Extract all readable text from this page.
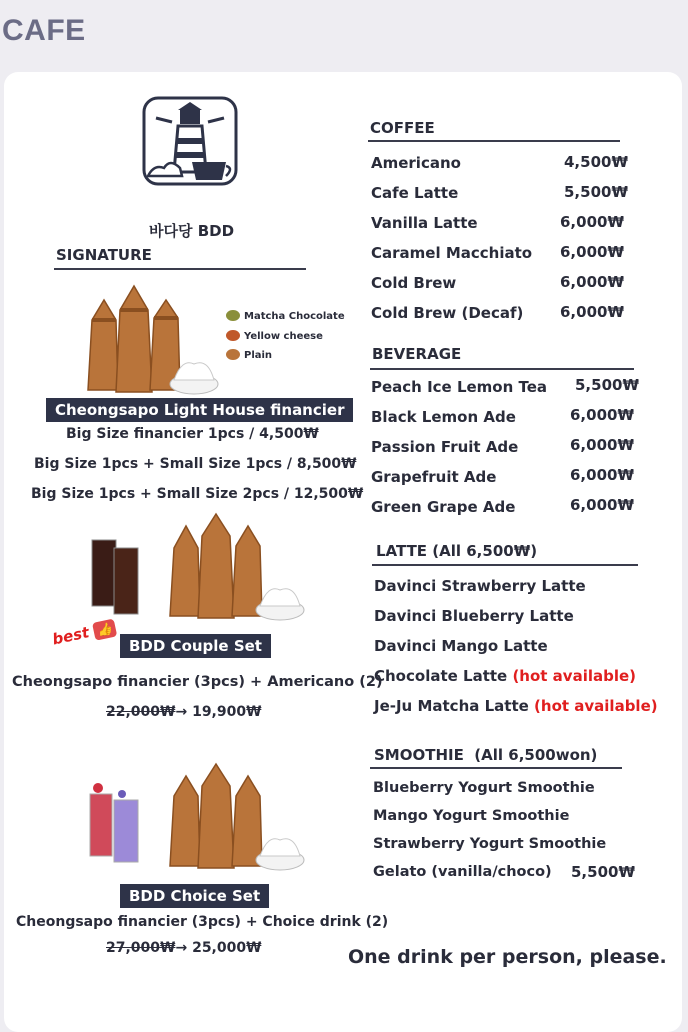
CAFE
바다당 BDD
SIGNATURE
Matcha Chocolate
Yellow cheese
Plain
Cheongsapo Light House financier
Big Size financier 1pcs / 4,500₩
Big Size 1pcs + Small Size 1pcs / 8,500₩
Big Size 1pcs + Small Size 2pcs / 12,500₩
best 👍
BDD Couple Set
Cheongsapo financier (3pcs) + Americano (2)
22,000₩→ 19,900₩
BDD Choice Set
Cheongsapo financier (3pcs) + Choice drink (2)
27,000₩→ 25,000₩
COFFEE
Americano	4,500₩
Cafe Latte	5,500₩
Vanilla Latte	6,000₩
Caramel Macchiato 6,000₩
Cold Brew	6,000₩
Cold Brew (Decaf) 6,000₩
BEVERAGE
Peach Ice Lemon Tea 5,500₩
Black Lemon Ade	6,000₩
Passion Fruit Ade	6,000₩
Grapefruit Ade	6,000₩
Green Grape Ade	6,000₩
LATTE (All 6,500₩)
Davinci Strawberry Latte
Davinci Blueberry Latte
Davinci Mango Latte
Chocolate Latte (hot available)
Je-Ju Matcha Latte (hot available)
SMOOTHIE  (All 6,500won)
Blueberry Yogurt Smoothie
Mango Yogurt Smoothie
Strawberry Yogurt Smoothie
Gelato (vanilla/choco) 5,500₩
One drink per person, please.
